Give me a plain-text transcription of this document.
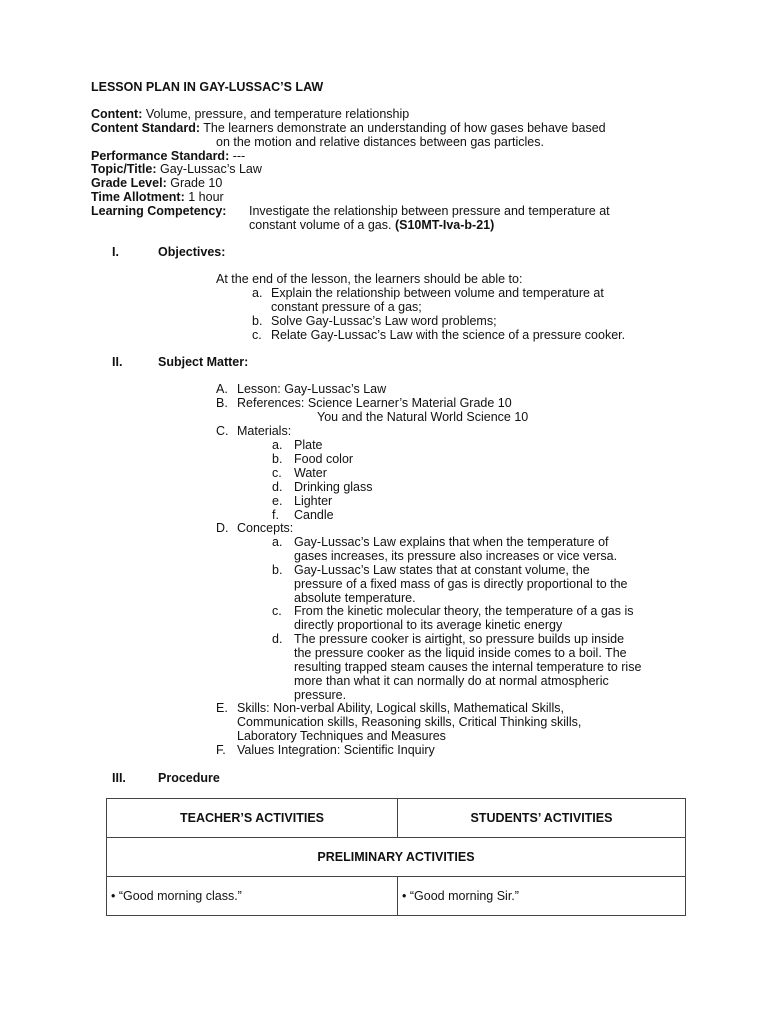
LESSON PLAN IN GAY-LUSSAC’S LAW
Content: Volume, pressure, and temperature relationship
Content Standard: The learners demonstrate an understanding of how gases behave based
on the motion and relative distances between gas particles.
Performance Standard: ---
Topic/Title: Gay-Lussac’s Law
Grade Level: Grade 10
Time Allotment: 1 hour
Learning Competency: Investigate the relationship between pressure and temperature at
constant volume of a gas. (S10MT-Iva-b-21)
I.	Objectives:
At the end of the lesson, the learners should be able to:
a. Explain the relationship between volume and temperature at
constant pressure of a gas;
b. Solve Gay-Lussac’s Law word problems;
c. Relate Gay-Lussac’s Law with the science of a pressure cooker.
II.	Subject Matter:
A. Lesson: Gay-Lussac’s Law
B. References: Science Learner’s Material Grade 10
You and the Natural World Science 10
C. Materials:
a. Plate
b. Food color
c. Water
d. Drinking glass
e. Lighter
f. Candle
D. Concepts:
a. Gay-Lussac’s Law explains that when the temperature of
gases increases, its pressure also increases or vice versa.
b. Gay-Lussac’s Law states that at constant volume, the
pressure of a fixed mass of gas is directly proportional to the
absolute temperature.
c. From the kinetic molecular theory, the temperature of a gas is
directly proportional to its average kinetic energy
d. The pressure cooker is airtight, so pressure builds up inside
the pressure cooker as the liquid inside comes to a boil. The
resulting trapped steam causes the internal temperature to rise
more than what it can normally do at normal atmospheric
pressure.
E. Skills: Non-verbal Ability, Logical skills, Mathematical Skills,
Communication skills, Reasoning skills, Critical Thinking skills,
Laboratory Techniques and Measures
F. Values Integration: Scientific Inquiry
III.	Procedure
TEACHER’S ACTIVITIES	STUDENTS’ ACTIVITIES
PRELIMINARY ACTIVITIES	
• “Good morning class.”	• “Good morning Sir.”
